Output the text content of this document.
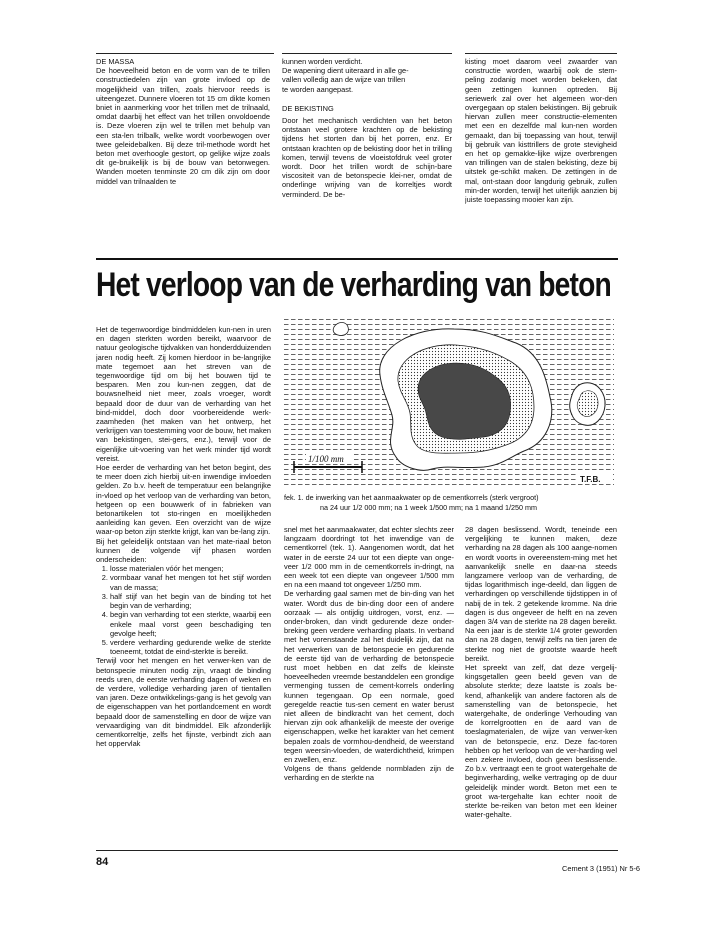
DE MASSA

De hoeveelheid beton en de vorm van de te trillen constructiedelen zijn van grote invloed op de mogelijkheid van trillen, zoals hiervoor reeds is uiteengezet. Dunnere vloeren tot 15 cm dikte komen bniet in aanmerking voor het trillen met de trilnaald, omdat daarbij het effect van het trillen onvoldoende is. Deze vloeren zijn wel te trillen met behulp van een sta-len trilbalk, welke wordt voorbewogen over twee geleidebalken. Bij deze tril-methode wordt het beton met overhoogle gestort, op gelijke wijze zoals dit ge-bruikelijk is bij de bouw van betonwegen. Wanden moeten tenminste 20 cm dik zijn om door middel van trilnaalden te

kunnen worden verdicht.
De wapening dient uiteraard in alle ge-
vallen volledig aan de wijze van trillen
te worden aangepast.

DE BEKISTING

Door het mechanisch verdichten van het beton ontstaan veel grotere krachten op de bekisting tijdens het storten dan bij het porren, enz. Er ontstaan krachten op de bekisting door het in trilling komen, terwijl tevens de vloeistofdruk veel groter wordt. Door het trillen wordt de schijn-bare viscositeit van de betonspecie klei-ner, omdat de onderlinge wrijving van de korreltjes wordt verminderd. De be-

kisting moet daarom veel zwaarder van constructie worden, waarbij ook de stem-peling zodanig moet worden bekeken, dat geen zettingen kunnen optreden. Bij seriewerk zal over het algemeen wor-den overgegaan op stalen bekistingen. Bij gebruik hiervan zullen meer constructie-elementen met een en dezelfde mal kun-nen worden gemaakt, dan bij toepassing van hout, terwijl bij gebruik van kisttrillers de grote stevigheid en het op gemakke-lijke wijze overbrengen van trillingen van de stalen bekisting, deze bij uitstek ge-schikt maken. De zettingen in de mal, ont-staan door langdurig gebruik, zullen min-der worden, terwijl het uiterlijk aanzien bij juiste toepassing mooier kan zijn.

Het verloop van de verharding van beton

Het de tegenwoordige bindmiddelen kun-nen in uren en dagen sterkten worden bereikt, waarvoor de natuur geologische tijdvakken van honderdduizenden jaren nodig heeft. Zij komen hierdoor in be-langrijke mate tegemoet aan het streven van de tegenwoordige tijd om bij het bouwen tijd te besparen. Men zou kun-nen zeggen, dat de bouwsnelheid niet meer, zoals vroeger, wordt bepaald door de duur van de verharding van het bind-middel, doch door voorbereidende werk-zaamheden (het maken van het ontwerp, het verkrijgen van toestemming voor de bouw, het maken van bekistingen, stei-gers, enz.), terwijl voor de eigenlijke uit-voering van het werk minder tijd wordt vereist.

Hoe eerder de verharding van het beton begint, des te meer doen zich hierbij uit-en inwendige invloeden gelden. Zo b.v. heeft de temperatuur een belangrijke in-vloed op het verloop van de verharding van beton, hetgeen op een bouwwerk of in fabrieken van betonartikelen tot sto-ringen en moeilijkheden aanleiding kan geven. Een overzicht van de wijze waar-op beton zijn sterkte krijgt, kan van be-lang zijn.

Bij het geleidelijk ontstaan van het mate-riaal beton kunnen de volgende vijf phasen worden onderscheiden:

1. losse materialen vóór het mengen;
2. vormbaar vanaf het mengen tot het stijf worden van de massa;
3. half stijf van het begin van de binding tot het begin van de verharding;
4. begin van verharding tot een sterkte, waarbij een enkele maal vorst geen beschadiging ten gevolge heeft;
5. verdere verharding gedurende welke de sterkte toeneemt, totdat de eind-sterkte is bereikt.

Terwijl voor het mengen en het verwer-ken van de betonspecie minuten nodig zijn, vraagt de binding reeds uren, de eerste verharding dagen of weken en de verdere, volledige verharding jaren of tientallen van jaren. Deze ontwikkelings-gang is het gevolg van de eigenschappen van het portlandcement en wordt bepaald door de samenstelling en door de wijze van vervaardiging van dit bindmiddel. Elk afzonderlijk cementkorreltje, zelfs het fijnste, verbindt zich aan het oppervlak

1/100 mm
T.F.B.
fek. 1. de inwerking van het aanmaakwater op de cementkorrels (sterk vergroot)
na 24 uur 1/2 000 mm; na 1 week 1/500 mm; na 1 maand 1/250 mm

snel met het aanmaakwater, dat echter slechts zeer langzaam doordringt tot het inwendige van de cementkorrel (tek. 1). Aangenomen wordt, dat het water in de eerste 24 uur tot een diepte van onge-veer 1/2 000 mm in de cementkorrels in-dringt, na een week tot een diepte van ongeveer 1/500 mm en na een maand tot ongeveer 1/250 mm.
De verharding gaal samen met de bin-ding van het water. Wordt dus de bin-ding door een of andere oorzaak — als ontijdig uitdrogen, vorst, enz. — onder-broken, dan vindt gedurende deze onder-breking geen verdere verharding plaats. In verband met het vorenstaande zal het duidelijk zijn, dat na het verwerken van de betonspecie en gedurende de eerste tijd van de verharding de betonspecie rust moet hebben en dat zelfs de kleinste hoeveelheden vreemde bestanddelen een grondige vermenging tussen de cement-korrels onderling kunnen tegengaan. Op een normale, goed geregelde reactie tus-sen cement en water berust niet alleen de bindkracht van het cement, doch hiervan zijn ook afhankelijk de meeste der overige eigenschappen, welke het karakter van het cement bepalen zoals de vormhou-dendheid, de weerstand tegen weersin-vloeden, de waterdichtheid, krimpen en zwellen, enz.
Volgens de thans geldende normbladen zijn de verharding en de sterkte na

28 dagen beslissend. Wordt, teneinde een vergelijking te kunnen maken, deze verharding na 28 dagen als 100 aange-nomen en wordt voorts in overeenstem-ming met het aanvankelijk snelle en daar-na steeds langzamere verloop van de verharding, de tijdas logarithmisch inge-deeld, dan liggen de verhardingen op verschillende tijdstippen in of nabij de in tek. 2 getekende kromme. Na drie dagen is dus ongeveer de helft en na zeven dagen 3/4 van de sterkte na 28 dagen bereikt. Na een jaar is de sterkte 1/4 groter geworden dan na 28 dagen, terwijl zelfs na tien jaren de sterkte nog niet de grootste waarde heeft bereikt.
Het spreekt van zelf, dat deze vergelij-kingsgetallen geen beeld geven van de absolute sterkte; deze laatste is zoals be-kend, afhankelijk van andere factoren als de samenstelling van de betonspecie, het watergehalte, de onderlinge Verhouding van de korrelgrootten en de aard van de toeslagmaterialen, de wijze van verwer-ken van de betonspecie, enz. Deze fac-toren hebben op het verloop van de ver-harding wel een zekere invloed, doch geen beslissende. Zo b.v. vertraagt een te groot watergehalte de beginverharding, welke vertraging op de duur geleidelijk minder wordt. Beton met een te groot wa-tergehalte kan echter nooit de sterkte be-reiken van beton met een kleiner water-gehalte.

84
Cement 3 (1951) Nr 5-6
